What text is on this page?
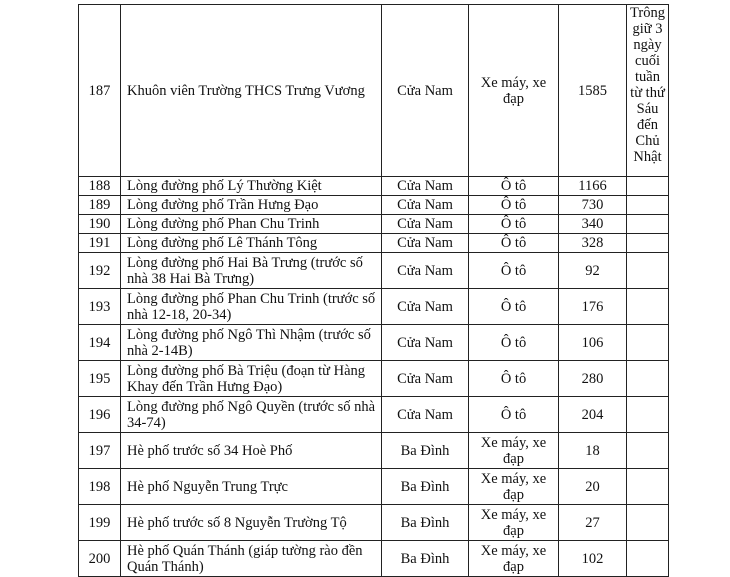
187	Khuôn viên Trường THCS Trưng Vương	Cửa Nam	Xe máy, xe đạp	1585	Trông giữ 3 ngày cuối tuần từ thứ Sáu đến Chủ Nhật
188	Lòng đường phố Lý Thường Kiệt	Cửa Nam	Ô tô	1166	
189	Lòng đường phố Trần Hưng Đạo	Cửa Nam	Ô tô	730	
190	Lòng đường phố Phan Chu Trinh	Cửa Nam	Ô tô	340	
191	Lòng đường phố Lê Thánh Tông	Cửa Nam	Ô tô	328	
192	Lòng đường phố Hai Bà Trưng (trước số nhà 38 Hai Bà Trưng)	Cửa Nam	Ô tô	92	
193	Lòng đường phố Phan Chu Trinh (trước số nhà 12-18, 20-34)	Cửa Nam	Ô tô	176	
194	Lòng đường phố Ngô Thì Nhậm (trước số nhà 2-14B)	Cửa Nam	Ô tô	106	
195	Lòng đường phố Bà Triệu (đoạn từ Hàng Khay đến Trần Hưng Đạo)	Cửa Nam	Ô tô	280	
196	Lòng đường phố Ngô Quyền (trước số nhà 34-74)	Cửa Nam	Ô tô	204	
197	Hè phố trước số 34 Hoè Phố	Ba Đình	Xe máy, xe đạp	18	
198	Hè phố Nguyễn Trung Trực	Ba Đình	Xe máy, xe đạp	20	
199	Hè phố trước số 8 Nguyễn Trường Tộ	Ba Đình	Xe máy, xe đạp	27	
200	Hè phố Quán Thánh (giáp tường rào đền Quán Thánh)	Ba Đình	Xe máy, xe đạp	102	
